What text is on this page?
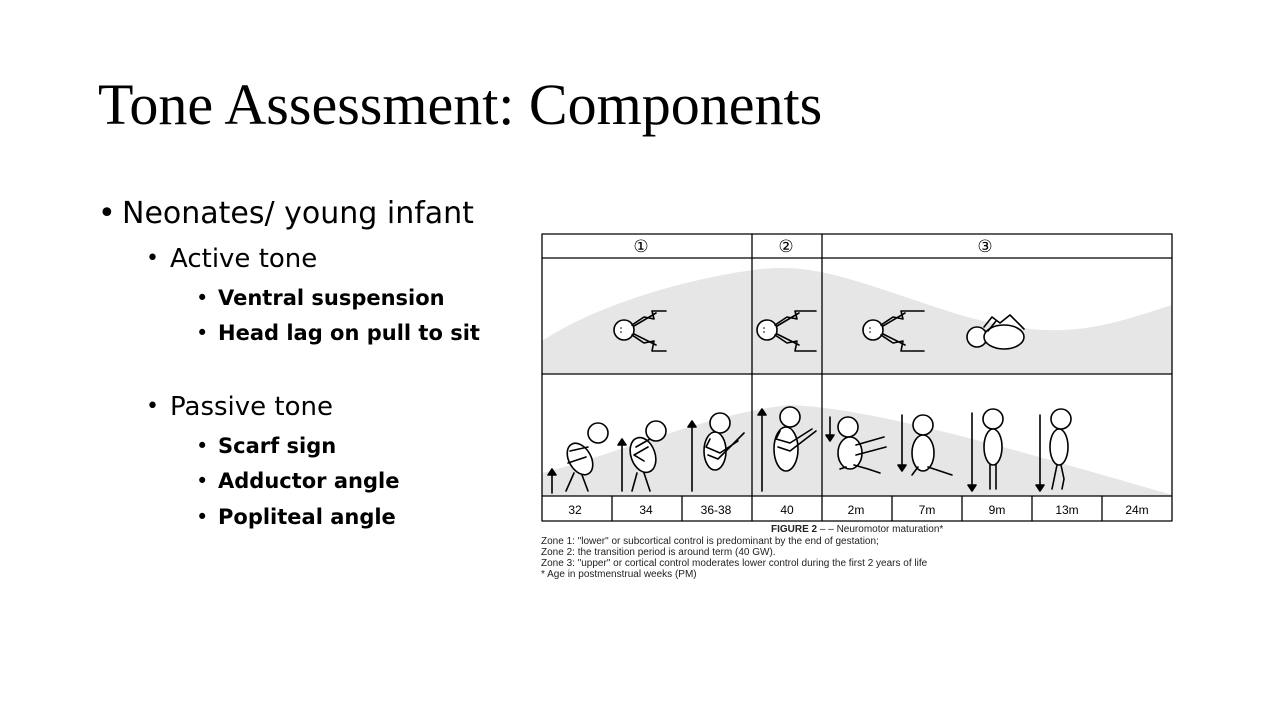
Tone Assessment: Components
• Neonates/ young infant
• Active tone
• Ventral suspension
• Head lag on pull to sit
• Passive tone
• Scarf sign
• Adductor angle
• Popliteal angle
①	②	③
32	34	36-38	40	2m	7m	9m	13m	24m
FIGURE 2 – – Neuromotor maturation*
Zone 1: "lower" or subcortical control is predominant by the end of gestation;
Zone 2: the transition period is around term (40 GW).
Zone 3: "upper" or cortical control moderates lower control during the first 2 years of life
* Age in postmenstrual weeks (PM)
